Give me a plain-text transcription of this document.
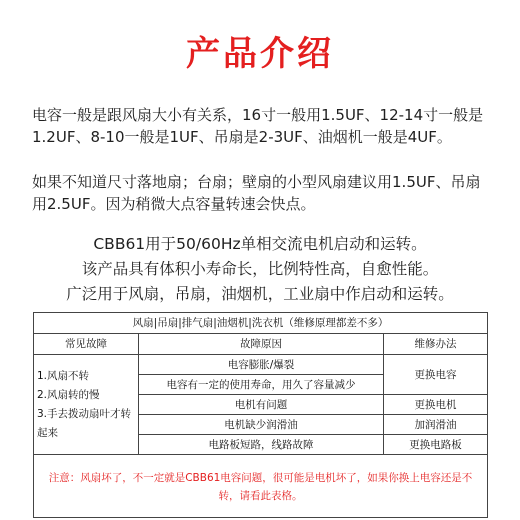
产品介绍
电容一般是跟风扇大小有关系，16寸一般用1.5UF、12-14寸一般是1.2UF、8-10一般是1UF、吊扇是2-3UF、油烟机一般是4UF。
如果不知道尺寸落地扇；台扇；壁扇的小型风扇建议用1.5UF、吊扇用2.5UF。因为稍微大点容量转速会快点。
CBB61用于50/60Hz单相交流电机启动和运转。
该产品具有体积小寿命长，比例特性高，自愈性能。
广泛用于风扇，吊扇，油烟机，工业扇中作启动和运转。
风扇|吊扇|排气扇|油烟机|洗衣机（维修原理都差不多）		
常见故障	故障原因	维修办法

1.风扇不转
2.风扇转的慢
3.手去拨动扇叶才转起来	电容膨胀/爆裂	更换电容
	电容有一定的使用寿命，用久了容量减少	
	电机有问题	更换电机
	电机缺少润滑油	加润滑油
	电路板短路，线路故障	更换电路板
注意：风扇坏了，不一定就是CBB61电容问题，很可能是电机坏了，如果你换上电容还是不转，请看此表格。		
